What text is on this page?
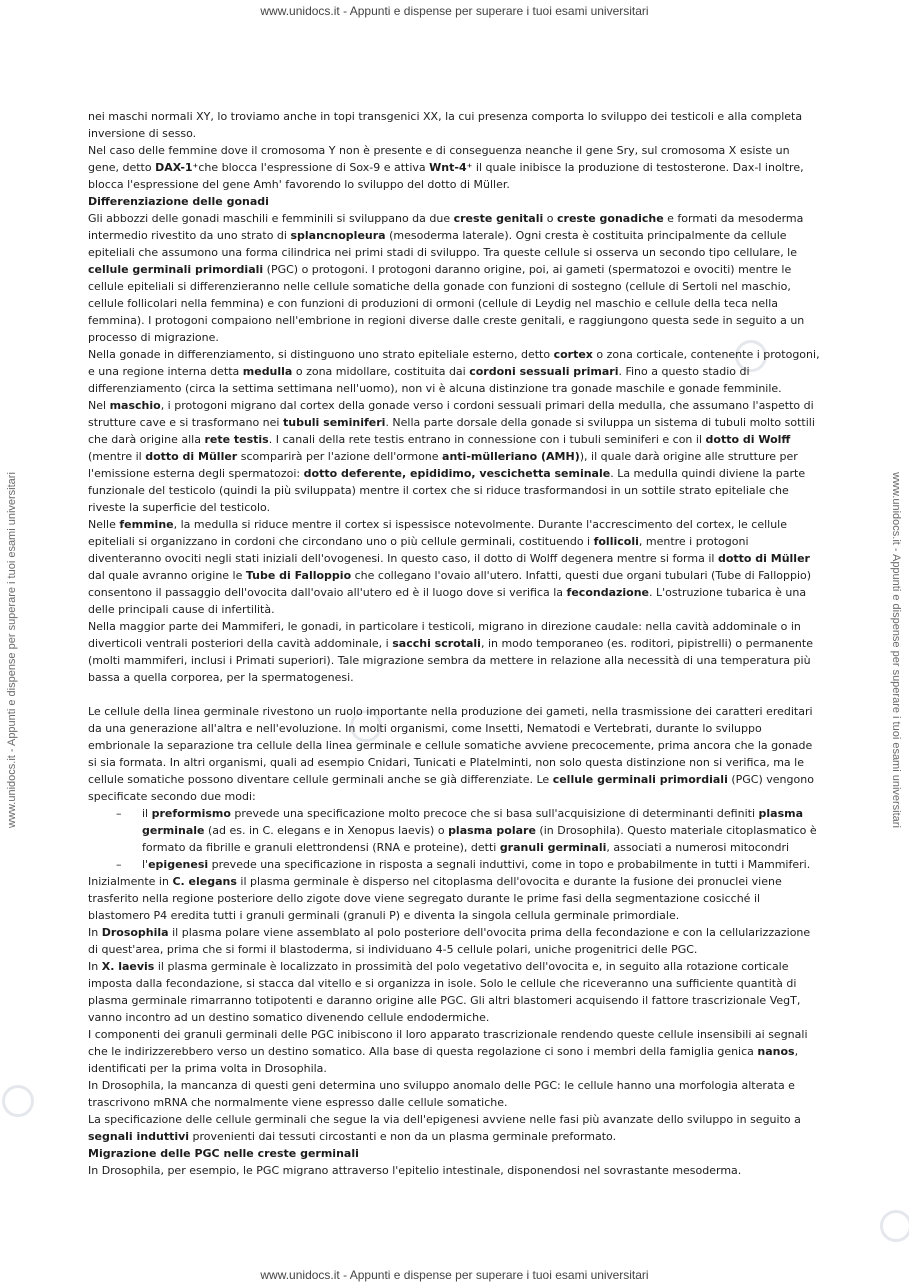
www.unidocs.it - Appunti e dispense per superare i tuoi esami universitari
www.unidocs.it - Appunti e dispense per superare i tuoi esami universitari	www.unidocs.it - Appunti e dispense per superare i tuoi esami universitari

nei maschi normali XY, lo troviamo anche in topi transgenici XX, la cui presenza comporta lo sviluppo dei testicoli e alla completa inversione di sesso.

Nel caso delle femmine dove il cromosoma Y non è presente e di conseguenza neanche il gene Sry, sul cromosoma X esiste un gene, detto DAX-1⁺che blocca l'espressione di Sox-9 e attiva Wnt-4⁺ il quale inibisce la produzione di testosterone. Dax-l inoltre, blocca l'espressione del gene Amh' favorendo lo sviluppo del dotto di Müller.

Differenziazione delle gonadi

Gli abbozzi delle gonadi maschili e femminili si sviluppano da due creste genitali o creste gonadiche e formati da mesoderma intermedio rivestito da uno strato di splancnopleura (mesoderma laterale). Ogni cresta è costituita principalmente da cellule epiteliali che assumono una forma cilindrica nei primi stadi di sviluppo. Tra queste cellule si osserva un secondo tipo cellulare, le cellule germinali primordiali (PGC) o protogoni. I protogoni daranno origine, poi, ai gameti (spermatozoi e ovociti) mentre le cellule epiteliali si differenzieranno nelle cellule somatiche della gonade con funzioni di sostegno (cellule di Sertoli nel maschio, cellule follicolari nella femmina) e con funzioni di produzioni di ormoni (cellule di Leydig nel maschio e cellule della teca nella femmina). I protogoni compaiono nell'embrione in regioni diverse dalle creste genitali, e raggiungono questa sede in seguito a un processo di migrazione.

Nella gonade in differenziamento, si distinguono uno strato epiteliale esterno, detto cortex o zona corticale, contenente i protogoni, e una regione interna detta medulla o zona midollare, costituita dai cordoni sessuali primari. Fino a questo stadio di differenziamento (circa la settima settimana nell'uomo), non vi è alcuna distinzione tra gonade maschile e gonade femminile.

Nel maschio, i protogoni migrano dal cortex della gonade verso i cordoni sessuali primari della medulla, che assumano l'aspetto di strutture cave e si trasformano nei tubuli seminiferi. Nella parte dorsale della gonade si sviluppa un sistema di tubuli molto sottili che darà origine alla rete testis. I canali della rete testis entrano in connessione con i tubuli seminiferi e con il dotto di Wolff (mentre il dotto di Müller scomparirà per l'azione dell'ormone anti-mülleriano (AMH)), il quale darà origine alle strutture per l'emissione esterna degli spermatozoi: dotto deferente, epididimo, vescichetta seminale. La medulla quindi diviene la parte funzionale del testicolo (quindi la più sviluppata) mentre il cortex che si riduce trasformandosi in un sottile strato epiteliale che riveste la superficie del testicolo.

Nelle femmine, la medulla si riduce mentre il cortex si ispessisce notevolmente. Durante l'accrescimento del cortex, le cellule epiteliali si organizzano in cordoni che circondano uno o più cellule germinali, costituendo i follicoli, mentre i protogoni diventeranno ovociti negli stati iniziali dell'ovogenesi. In questo caso, il dotto di Wolff degenera mentre si forma il dotto di Müller dal quale avranno origine le Tube di Falloppio che collegano l'ovaio all'utero. Infatti, questi due organi tubulari (Tube di Falloppio) consentono il passaggio dell'ovocita dall'ovaio all'utero ed è il luogo dove si verifica la fecondazione. L'ostruzione tubarica è una delle principali cause di infertilità.

Nella maggior parte dei Mammiferi, le gonadi, in particolare i testicoli, migrano in direzione caudale: nella cavità addominale o in diverticoli ventrali posteriori della cavità addominale, i sacchi scrotali, in modo temporaneo (es. roditori, pipistrelli) o permanente (molti mammiferi, inclusi i Primati superiori). Tale migrazione sembra da mettere in relazione alla necessità di una temperatura più bassa a quella corporea, per la spermatogenesi.

Le cellule della linea germinale rivestono un ruolo importante nella produzione dei gameti, nella trasmissione dei caratteri ereditari da una generazione all'altra e nell'evoluzione. In molti organismi, come Insetti, Nematodi e Vertebrati, durante lo sviluppo embrionale la separazione tra cellule della linea germinale e cellule somatiche avviene precocemente, prima ancora che la gonade si sia formata. In altri organismi, quali ad esempio Cnidari, Tunicati e Platelminti, non solo questa distinzione non si verifica, ma le cellule somatiche possono diventare cellule germinali anche se già differenziate. Le cellule germinali primordiali (PGC) vengono specificate secondo due modi:

– il preformismo prevede una specificazione molto precoce che si basa sull'acquisizione di determinanti definiti plasma germinale (ad es. in C. elegans e in Xenopus laevis) o plasma polare (in Drosophila). Questo materiale citoplasmatico è formato da fibrille e granuli elettrondensi (RNA e proteine), detti granuli germinali, associati a numerosi mitocondri
– l'epigenesi prevede una specificazione in risposta a segnali induttivi, come in topo e probabilmente in tutti i Mammiferi.

Inizialmente in C. elegans il plasma germinale è disperso nel citoplasma dell'ovocita e durante la fusione dei pronuclei viene trasferito nella regione posteriore dello zigote dove viene segregato durante le prime fasi della segmentazione cosicché il blastomero P4 eredita tutti i granuli germinali (granuli P) e diventa la singola cellula germinale primordiale.

In Drosophila il plasma polare viene assemblato al polo posteriore dell'ovocita prima della fecondazione e con la cellularizzazione di quest'area, prima che si formi il blastoderma, si individuano 4-5 cellule polari, uniche progenitrici delle PGC.

In X. laevis il plasma germinale è localizzato in prossimità del polo vegetativo dell'ovocita e, in seguito alla rotazione corticale imposta dalla fecondazione, si stacca dal vitello e si organizza in isole. Solo le cellule che riceveranno una sufficiente quantità di plasma germinale rimarranno totipotenti e daranno origine alle PGC. Gli altri blastomeri acquisendo il fattore trascrizionale VegT, vanno incontro ad un destino somatico divenendo cellule endodermiche.

I componenti dei granuli germinali delle PGC inibiscono il loro apparato trascrizionale rendendo queste cellule insensibili ai segnali che le indirizzerebbero verso un destino somatico. Alla base di questa regolazione ci sono i membri della famiglia genica nanos, identificati per la prima volta in Drosophila.

In Drosophila, la mancanza di questi geni determina uno sviluppo anomalo delle PGC: le cellule hanno una morfologia alterata e trascrivono mRNA che normalmente viene espresso dalle cellule somatiche.

La specificazione delle cellule germinali che segue la via dell'epigenesi avviene nelle fasi più avanzate dello sviluppo in seguito a segnali induttivi provenienti dai tessuti circostanti e non da un plasma germinale preformato.

Migrazione delle PGC nelle creste germinali

In Drosophila, per esempio, le PGC migrano attraverso l'epitelio intestinale, disponendosi nel sovrastante mesoderma.

www.unidocs.it - Appunti e dispense per superare i tuoi esami universitari
